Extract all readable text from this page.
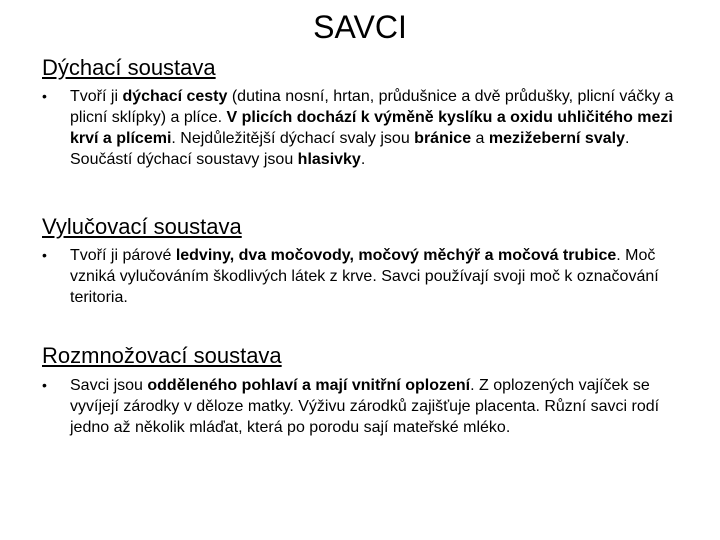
SAVCI
Dýchací soustava
• Tvoří ji dýchací cesty (dutina nosní, hrtan, průdušnice a dvě průdušky, plicní váčky a plicní sklípky) a plíce. V plicích dochází k výměně kyslíku a oxidu uhličitého mezi krví a plícemi. Nejdůležitější dýchací svaly jsou bránice a mezižeberní svaly. Součástí dýchací soustavy jsou hlasivky.
Vylučovací soustava
• Tvoří ji párové ledviny, dva močovody, močový měchýř a močová trubice. Moč vzniká vylučováním škodlivých látek z krve. Savci používají svoji moč k označování teritoria.
Rozmnožovací soustava
• Savci jsou odděleného pohlaví a mají vnitřní oplození. Z oplozených vajíček se vyvíjejí zárodky v děloze matky. Výživu zárodků zajišťuje placenta. Různí savci rodí jedno až několik mláďat, která po porodu sají mateřské mléko.
